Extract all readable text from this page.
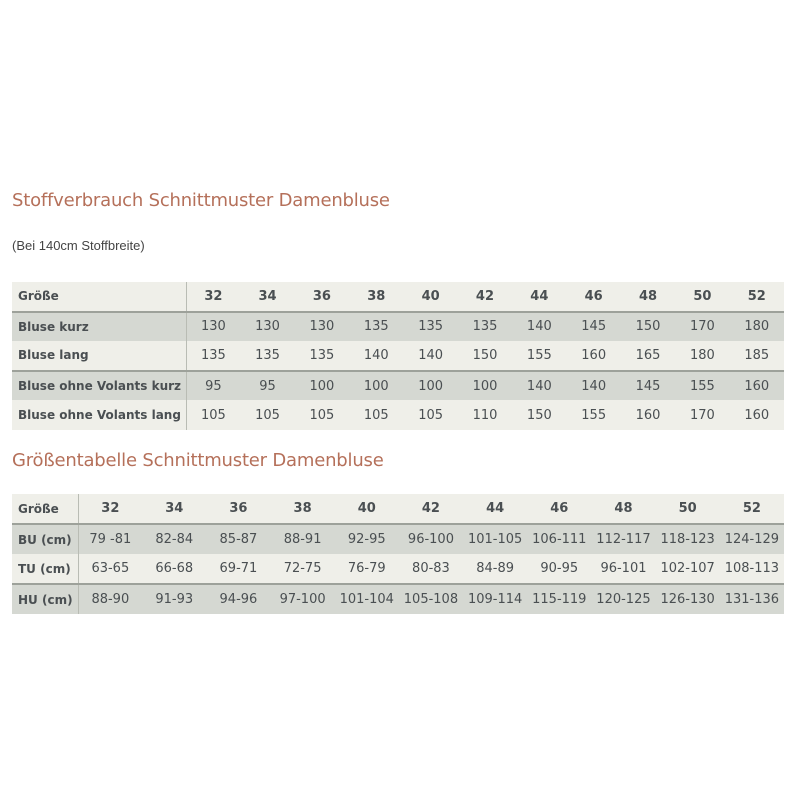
Stoffverbrauch Schnittmuster Damenbluse
(Bei 140cm Stoffbreite)
Größe	32	34	36	38	40	42	44	46	48	50	52
Bluse kurz	130	130	130	135	135	135	140	145	150	170	180
Bluse lang	135	135	135	140	140	150	155	160	165	180	185
Bluse ohne Volants kurz	95	95	100	100	100	100	140	140	145	155	160
Bluse ohne Volants lang	105	105	105	105	105	110	150	155	160	170	160
Größentabelle Schnittmuster Damenbluse
Größe	32	34	36	38	40	42	44	46	48	50	52
BU (cm)	79 -81	82-84	85-87	88-91	92-95	96-100	101-105	106-111	112-117	118-123	124-129
TU (cm)	63-65	66-68	69-71	72-75	76-79	80-83	84-89	90-95	96-101	102-107	108-113
HU (cm)	88-90	91-93	94-96	97-100	101-104	105-108	109-114	115-119	120-125	126-130	131-136
